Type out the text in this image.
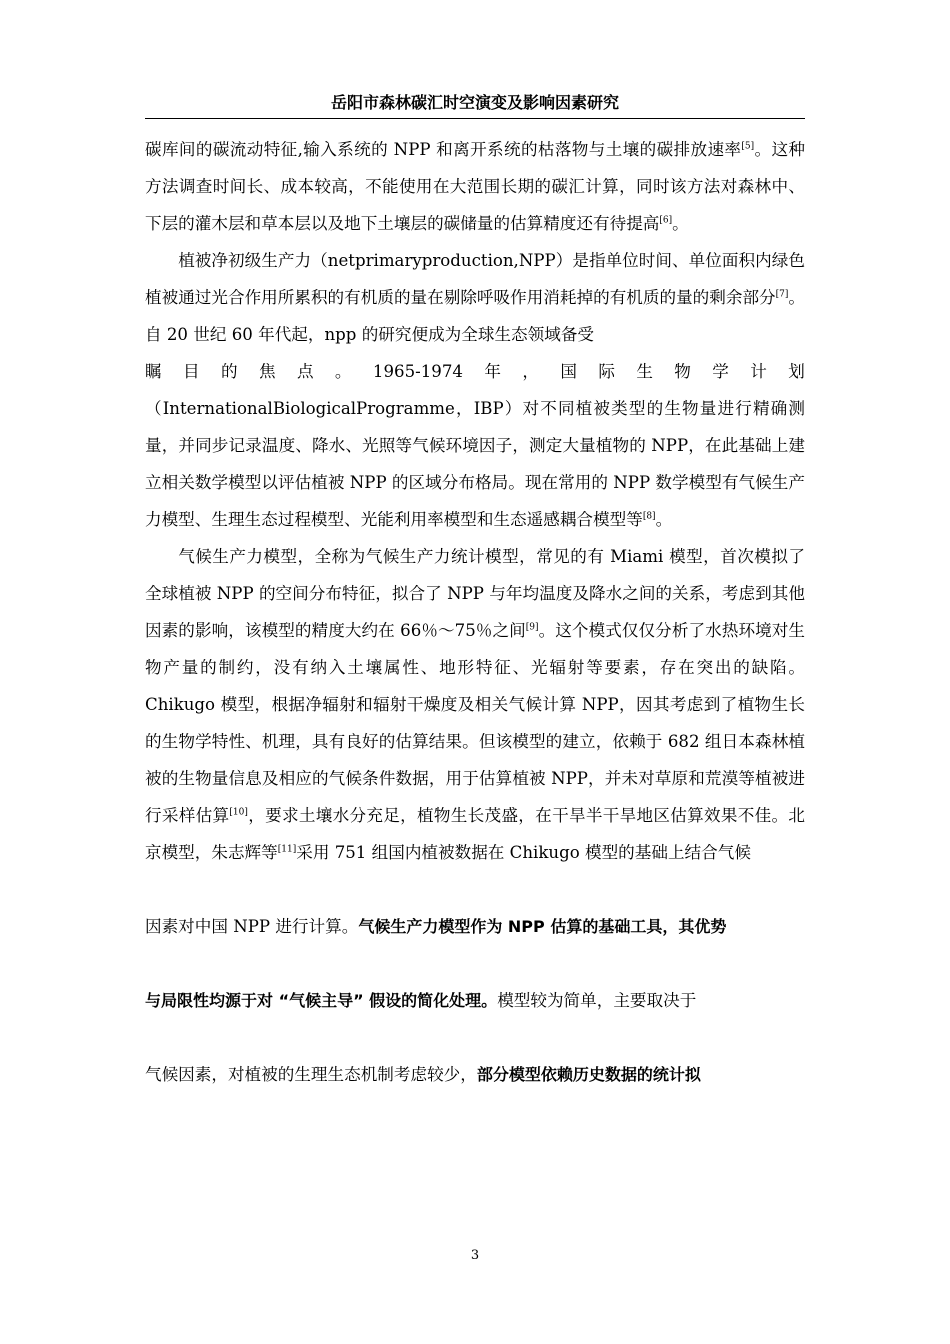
岳阳市森林碳汇时空演变及影响因素研究

碳库间的碳流动特征,输入系统的 NPP 和离开系统的枯落物与土壤的碳排放速率[5]。这种方法调查时间长、成本较高，不能使用在大范围长期的碳汇计算，同时该方法对森林中、下层的灌木层和草本层以及地下土壤层的碳储量的估算精度还有待提高[6]。

植被净初级生产力（netprimaryproduction,NPP）是指单位时间、单位面积内绿色植被通过光合作用所累积的有机质的量在剔除呼吸作用消耗掉的有机质的量的剩余部分[7]。自 20 世纪 60 年代起，npp 的研究便成为全球生态领域备受

瞩 目 的 焦 点 。 1965-1974 年 ， 国 际 生 物 学 计 划

（InternationalBiologicalProgramme，IBP）对不同植被类型的生物量进行精确测量，并同步记录温度、降水、光照等气候环境因子，测定大量植物的 NPP，在此基础上建立相关数学模型以评估植被 NPP 的区域分布格局。现在常用的 NPP 数学模型有气候生产力模型、生理生态过程模型、光能利用率模型和生态遥感耦合模型等[8]。

气候生产力模型，全称为气候生产力统计模型，常见的有 Miami 模型，首次模拟了全球植被 NPP 的空间分布特征，拟合了 NPP 与年均温度及降水之间的关系，考虑到其他因素的影响，该模型的精度大约在 66％～75％之间[9]。这个模式仅仅分析了水热环境对生物产量的制约，没有纳入土壤属性、地形特征、光辐射等要素，存在突出的缺陷。Chikugo 模型，根据净辐射和辐射干燥度及相关气候计算 NPP，因其考虑到了植物生长的生物学特性、机理，具有良好的估算结果。但该模型的建立，依赖于 682 组日本森林植被的生物量信息及相应的气候条件数据，用于估算植被 NPP，并未对草原和荒漠等植被进行采样估算[10]，要求土壤水分充足，植物生长茂盛，在干旱半干旱地区估算效果不佳。北京模型，朱志辉等[11]采用 751 组国内植被数据在 Chikugo 模型的基础上结合气候

因素对中国 NPP 进行计算。气候生产力模型作为 NPP 估算的基础工具，其优势
与局限性均源于对 “气候主导” 假设的简化处理。模型较为简单，主要取决于
气候因素，对植被的生理生态机制考虑较少，部分模型依赖历史数据的统计拟
3
